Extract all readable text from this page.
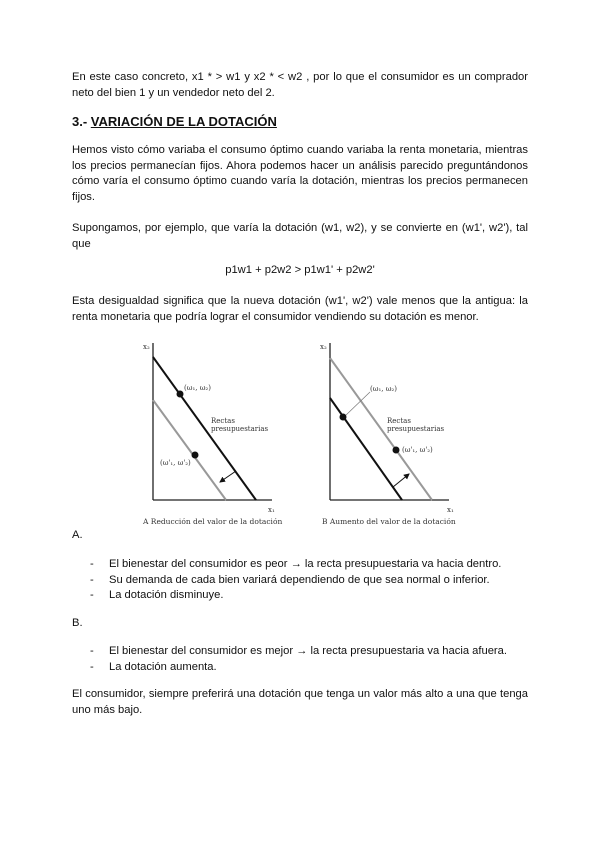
En este caso concreto, x1 * > w1 y x2 * < w2 , por lo que el consumidor es un comprador neto del bien 1 y un vendedor neto del 2.

3.- VARIACIÓN DE LA DOTACIÓN

Hemos visto cómo variaba el consumo óptimo cuando variaba la renta monetaria, mientras los precios permanecían fijos. Ahora podemos hacer un análisis parecido preguntándonos cómo varía el consumo óptimo cuando varía la dotación, mientras los precios permanecen fijos.

Supongamos, por ejemplo, que varía la dotación (w1, w2), y se convierte en (w1', w2'), tal que

p1w1 + p2w2 > p1w1' + p2w2'

Esta desigualdad significa que la nueva dotación (w1', w2') vale menos que la antigua: la renta monetaria que podría lograr el consumidor vendiendo su dotación es menor.

x₂
x₁
(ω₁, ω₂)
(ω'₁, ω'₂)
Rectas
presupuestarias
A Reducción del valor de la dotación
x₂
x₁
(ω₁, ω₂)
(ω'₁, ω'₂)
Rectas
presupuestarias
B Aumento del valor de la dotación

A.

- El bienestar del consumidor es peor → la recta presupuestaria va hacia dentro.
- Su demanda de cada bien variará dependiendo de que sea normal o inferior.
- La dotación disminuye.

B.

- El bienestar del consumidor es mejor → la recta presupuestaria va hacia afuera.
- La dotación aumenta.

El consumidor, siempre preferirá una dotación que tenga un valor más alto a una que tenga uno más bajo.
